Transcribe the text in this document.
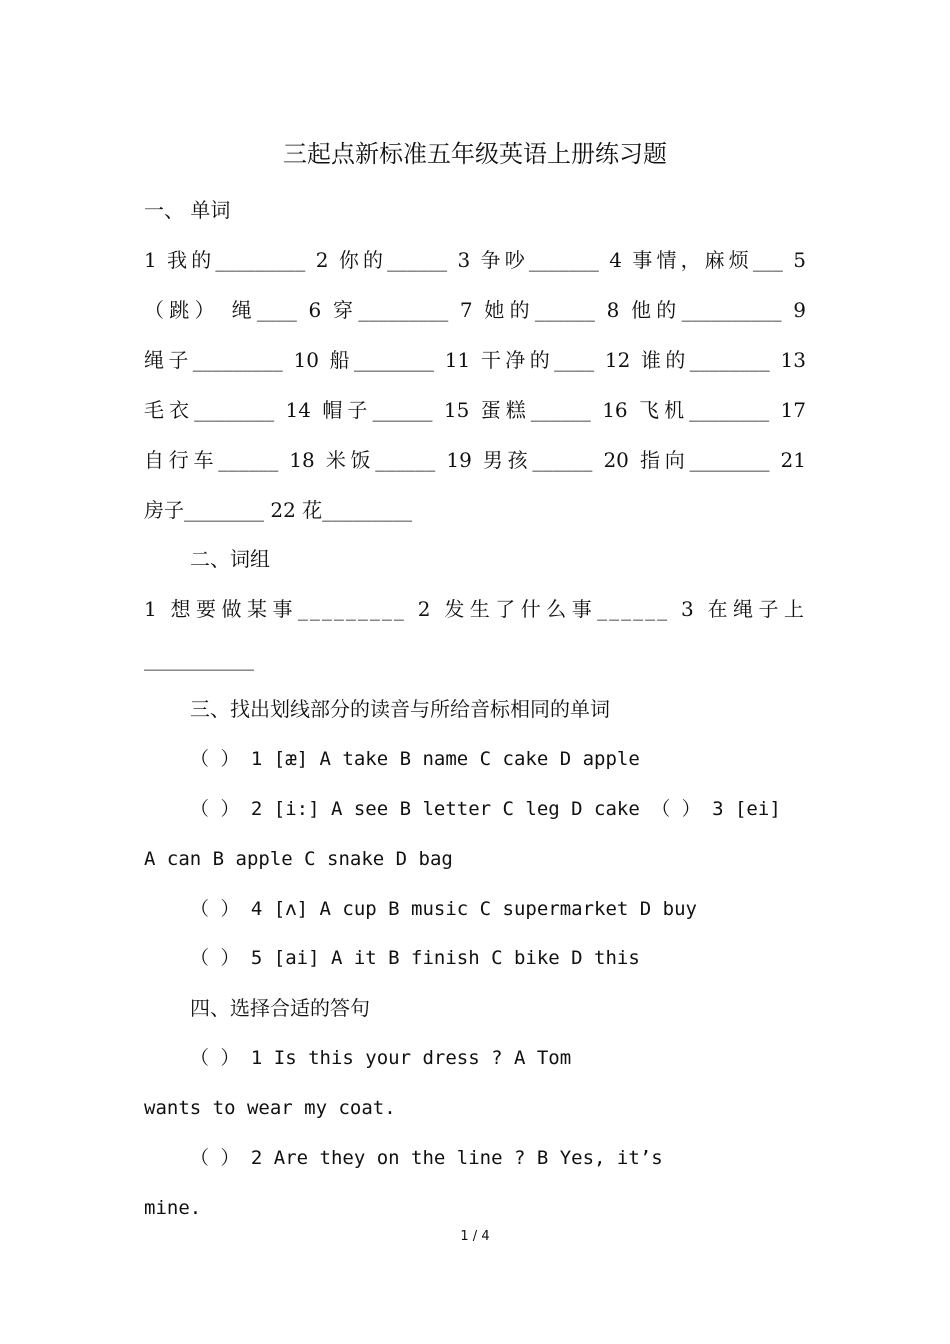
三起点新标准五年级英语上册练习题
一、 单词
1 我的_________ 2 你的______ 3 争吵_______ 4 事情，麻烦___ 5
（跳） 绳____ 6 穿_________ 7 她的______ 8 他的__________ 9
绳子_________ 10 船________ 11 干净的____ 12 谁的________ 13
毛衣________ 14 帽子______ 15 蛋糕______ 16 飞机________ 17
自行车______ 18 米饭______ 19 男孩______ 20 指向________ 21
房子________ 22 花_________
二、词组
1 想要做某事_________ 2 发生了什么事______ 3 在绳子上
___________
三、找出划线部分的读音与所给音标相同的单词
（ ） 1 [æ] A take B name C cake D apple
（ ） 2 [i:] A see B letter C leg D cake （ ） 3 [ei]
A can B apple C snake D bag
（ ） 4 [ʌ] A cup B music C supermarket D buy
（ ） 5 [ai] A it B finish C bike D this
四、选择合适的答句
（ ） 1 Is this your dress ? A Tom
wants to wear my coat.
（ ） 2 Are they on the line ? B Yes, it’s
mine.
1 / 4
